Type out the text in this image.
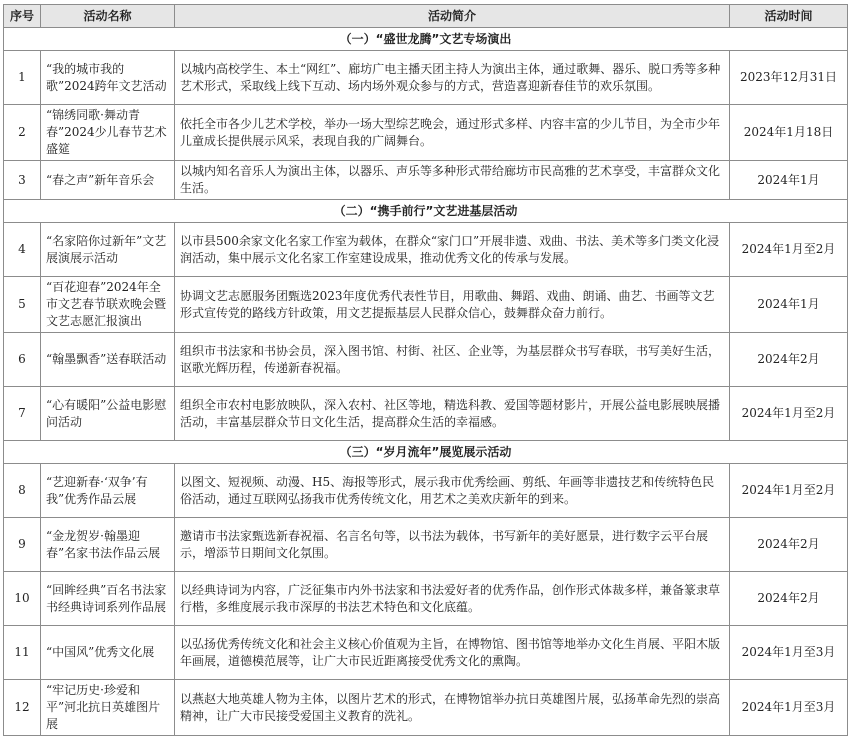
序号	活动名称	活动简介	活动时间
（一）“盛世龙腾”文艺专场演出			
1	“我的城市我的歌”2024跨年文艺活动	以城内高校学生、本土“网红”、廊坊广电主播天团主持人为演出主体，通过歌舞、器乐、脱口秀等多种艺术形式，采取线上线下互动、场内场外观众参与的方式，营造喜迎新春佳节的欢乐氛围。	2023年12月31日
2	“锦绣同歌·舞动青春”2024少儿春节艺术盛筵	依托全市各少儿艺术学校，举办一场大型综艺晚会，通过形式多样、内容丰富的少儿节目，为全市少年儿童成长提供展示风采，表现自我的广阔舞台。	2024年1月18日
3	“春之声”新年音乐会	以城内知名音乐人为演出主体，以器乐、声乐等多种形式带给廊坊市民高雅的艺术享受，丰富群众文化生活。	2024年1月
（二）“携手前行”文艺进基层活动			
4	“名家陪你过新年”文艺展演展示活动	以市县500余家文化名家工作室为载体，在群众“家门口”开展非遗、戏曲、书法、美术等多门类文化浸润活动，集中展示文化名家工作室建设成果，推动优秀文化的传承与发展。	2024年1月至2月
5	“百花迎春”2024年全市文艺春节联欢晚会暨文艺志愿汇报演出	协调文艺志愿服务团甄选2023年度优秀代表性节目，用歌曲、舞蹈、戏曲、朗诵、曲艺、书画等文艺形式宣传党的路线方针政策，用文艺提振基层人民群众信心，鼓舞群众奋力前行。	2024年1月
6	“翰墨飘香”送春联活动	组织市书法家和书协会员，深入图书馆、村街、社区、企业等，为基层群众书写春联，书写美好生活，讴歌光辉历程，传递新春祝福。	2024年2月
7	“心有暖阳”公益电影慰问活动	组织全市农村电影放映队，深入农村、社区等地，精选科教、爱国等题材影片，开展公益电影展映展播活动，丰富基层群众节日文化生活，提高群众生活的幸福感。	2024年1月至2月
（三）“岁月流年”展览展示活动			
8	“艺迎新春·‘双争’有我”优秀作品云展	以图文、短视频、动漫、H5、海报等形式，展示我市优秀绘画、剪纸、年画等非遗技艺和传统特色民俗活动，通过互联网弘扬我市优秀传统文化，用艺术之美欢庆新年的到来。	2024年1月至2月
9	“金龙贺岁·翰墨迎春”名家书法作品云展	邀请市书法家甄选新春祝福、名言名句等，以书法为载体，书写新年的美好愿景，进行数字云平台展示，增添节日期间文化氛围。	2024年2月
10	“回眸经典”百名书法家书经典诗词系列作品展	以经典诗词为内容，广泛征集市内外书法家和书法爱好者的优秀作品，创作形式体裁多样，兼备篆隶草行楷，多维度展示我市深厚的书法艺术特色和文化底蕴。	2024年2月
11	“中国风”优秀文化展	以弘扬优秀传统文化和社会主义核心价值观为主旨，在博物馆、图书馆等地举办文化生肖展、平阳木版年画展，道德模范展等，让广大市民近距离接受优秀文化的熏陶。	2024年1月至3月
12	“牢记历史·珍爱和平”河北抗日英雄图片展	以燕赵大地英雄人物为主体，以图片艺术的形式，在博物馆举办抗日英雄图片展，弘扬革命先烈的崇高精神，让广大市民接受爱国主义教育的洗礼。	2024年1月至3月
